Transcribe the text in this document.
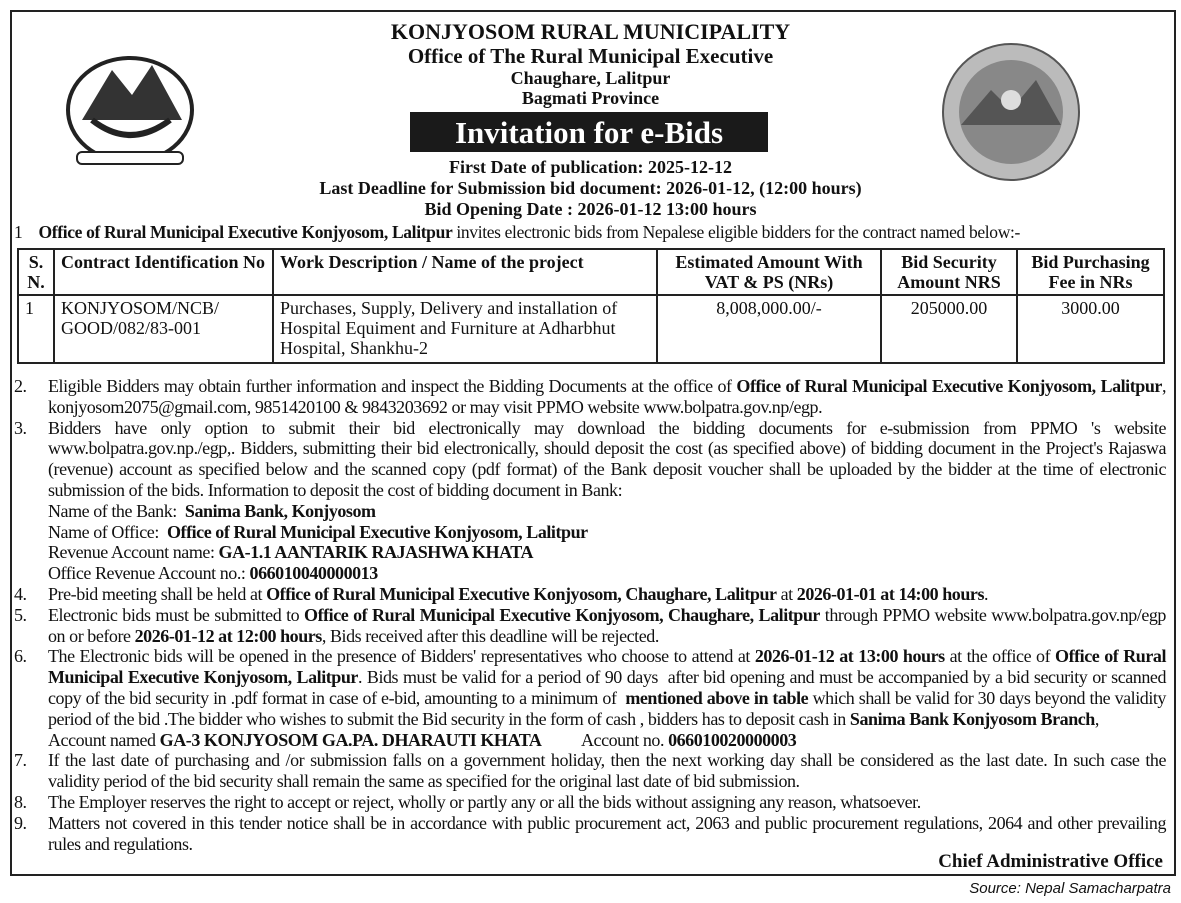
KONJYOSOM RURAL MUNICIPALITY
Office of The Rural Municipal Executive
Chaughare, Lalitpur
Bagmati Province
Invitation for e-Bids
First Date of publication: 2025-12-12
Last Deadline for Submission bid document: 2026-01-12, (12:00 hours)
Bid Opening Date : 2026-01-12 13:00 hours
1 Office of Rural Municipal Executive Konjyosom, Lalitpur invites electronic bids from Nepalese eligible bidders for the contract named below:-
S. N.	Contract Identification No	Work Description / Name of the project	Estimated Amount With VAT & PS (NRs)	Bid Security Amount NRS	Bid Purchasing Fee in NRs
1	KONJYOSOM/NCB/ GOOD/082/83-001	Purchases, Supply, Delivery and installation of Hospital Equiment and Furniture at Adharbhut Hospital, Shankhu-2	8,008,000.00/-	205000.00	3000.00
2.	Eligible Bidders may obtain further information and inspect the Bidding Documents at the office of Office of Rural Municipal Executive Konjyosom, Lalitpur, konjyosom2075@gmail.com, 9851420100 & 9843203692 or may visit PPMO website www.bolpatra.gov.np/egp.
3.	Bidders have only option to submit their bid electronically may download the bidding documents for e-submission from PPMO 's website www.bolpatra.gov.np./egp,. Bidders, submitting their bid electronically, should deposit the cost (as specified above) of bidding document in the Project's Rajaswa (revenue) account as specified below and the scanned copy (pdf format) of the Bank deposit voucher shall be uploaded by the bidder at the time of electronic submission of the bids. Information to deposit the cost of bidding document in Bank:
Name of the Bank:  Sanima Bank, Konjyosom
Name of Office:  Office of Rural Municipal Executive Konjyosom, Lalitpur
Revenue Account name: GA-1.1 AANTARIK RAJASHWA KHATA
Office Revenue Account no.: 066010040000013
4.	Pre-bid meeting shall be held at Office of Rural Municipal Executive Konjyosom, Chaughare, Lalitpur at 2026-01-01 at 14:00 hours.
5.	Electronic bids must be submitted to Office of Rural Municipal Executive Konjyosom, Chaughare, Lalitpur through PPMO website www.bolpatra.gov.np/egp on or before 2026-01-12 at 12:00 hours, Bids received after this deadline will be rejected.
6.	The Electronic bids will be opened in the presence of Bidders' representatives who choose to attend at 2026-01-12 at 13:00 hours at the office of Office of Rural Municipal Executive Konjyosom, Lalitpur. Bids must be valid for a period of 90 days  after bid opening and must be accompanied by a bid security or scanned copy of the bid security in .pdf format in case of e-bid, amounting to a minimum of  mentioned above in table which shall be valid for 30 days beyond the validity period of the bid .The bidder who wishes to submit the Bid security in the form of cash , bidders has to deposit cash in Sanima Bank Konjyosom Branch,
Account named GA-3 KONJYOSOM GA.PA. DHARAUTI KHATA          Account no. 066010020000003
7.	If the last date of purchasing and /or submission falls on a government holiday, then the next working day shall be considered as the last date. In such case the validity period of the bid security shall remain the same as specified for the original last date of bid submission.
8.	The Employer reserves the right to accept or reject, wholly or partly any or all the bids without assigning any reason, whatsoever.
9.	Matters not covered in this tender notice shall be in accordance with public procurement act, 2063 and public procurement regulations, 2064 and other prevailing rules and regulations.
Chief Administrative Office
Source: Nepal Samacharpatra
